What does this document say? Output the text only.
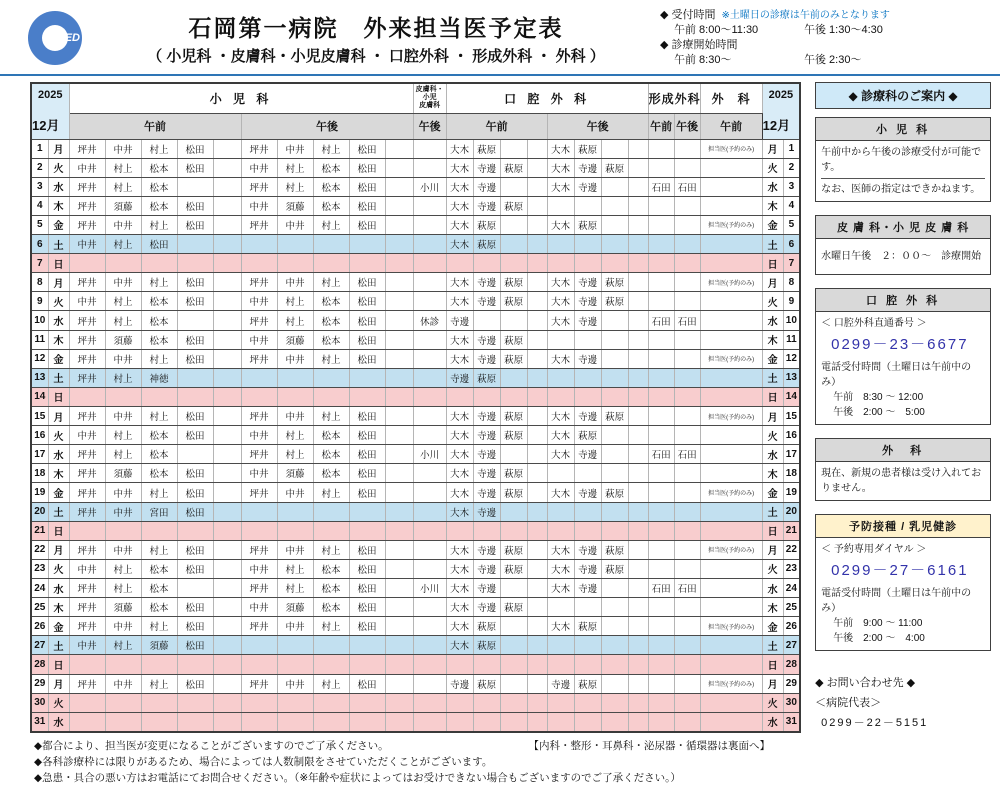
MED	石岡第一病院　外来担当医予定表
（ 小児科 ・皮膚科・小児皮膚科 ・ 口腔外科 ・ 形成外科 ・ 外科 ）
◆ 受付時間 ※土曜日の診療は午前のみとなります
午前 8:00～11:30	午後 1:30～4:30
◆ 診療開始時間
午前 8:30～	午後 2:30～
2025
12月
	小 児 科	
皮膚科・
小児
皮膚科	口 腔 外 科	形成外科	外　科	2025
12月

		午前					午後					午後	午前				午後				午前	午後	午前		
1	月	坪井	中井	村上	松田		坪井	中井	村上	松田			大木	萩原			大木	萩原					担当医(予約のみ)	月	1
2	火	中井	村上	松本	松田		中井	村上	松本	松田			大木	寺邊	萩原		大木	寺邊	萩原					火	2
3	水	坪井	村上	松本			坪井	村上	松本	松田		小川	大木	寺邊			大木	寺邊			石田	石田		水	3
4	木	坪井	須藤	松本	松田		中井	須藤	松本	松田			大木	寺邊	萩原									木	4
5	金	坪井	中井	村上	松田		坪井	中井	村上	松田			大木	萩原			大木	萩原					担当医(予約のみ)	金	5
6	土	中井	村上	松田									大木	萩原										土	6
7	日																							日	7
8	月	坪井	中井	村上	松田		坪井	中井	村上	松田			大木	寺邊	萩原		大木	寺邊	萩原				担当医(予約のみ)	月	8
9	火	中井	村上	松本	松田		中井	村上	松本	松田			大木	寺邊	萩原		大木	寺邊	萩原					火	9
10	水	坪井	村上	松本			坪井	村上	松本	松田		休診	寺邊				大木	寺邊			石田	石田		水	10
11	木	坪井	須藤	松本	松田		中井	須藤	松本	松田			大木	寺邊	萩原									木	11
12	金	坪井	中井	村上	松田		坪井	中井	村上	松田			大木	寺邊	萩原		大木	寺邊					担当医(予約のみ)	金	12
13	土	坪井	村上	神徳									寺邊	萩原										土	13
14	日																							日	14
15	月	坪井	中井	村上	松田		坪井	中井	村上	松田			大木	寺邊	萩原		大木	寺邊	萩原				担当医(予約のみ)	月	15
16	火	中井	村上	松本	松田		中井	村上	松本	松田			大木	寺邊	萩原		大木	萩原						火	16
17	水	坪井	村上	松本			坪井	村上	松本	松田		小川	大木	寺邊			大木	寺邊			石田	石田		水	17
18	木	坪井	須藤	松本	松田		中井	須藤	松本	松田			大木	寺邊	萩原									木	18
19	金	坪井	中井	村上	松田		坪井	中井	村上	松田			大木	寺邊	萩原		大木	寺邊	萩原				担当医(予約のみ)	金	19
20	土	坪井	中井	宮田	松田								大木	寺邊										土	20
21	日																							日	21
22	月	坪井	中井	村上	松田		坪井	中井	村上	松田			大木	寺邊	萩原		大木	寺邊	萩原				担当医(予約のみ)	月	22
23	火	中井	村上	松本	松田		中井	村上	松本	松田			大木	寺邊	萩原		大木	寺邊	萩原					火	23
24	水	坪井	村上	松本			坪井	村上	松本	松田		小川	大木	寺邊			大木	寺邊			石田	石田		水	24
25	木	坪井	須藤	松本	松田		中井	須藤	松本	松田			大木	寺邊	萩原									木	25
26	金	坪井	中井	村上	松田		坪井	中井	村上	松田			大木	萩原			大木	萩原					担当医(予約のみ)	金	26
27	土	中井	村上	須藤	松田								大木	萩原										土	27
28	日																							日	28
29	月	坪井	中井	村上	松田		坪井	中井	村上	松田			寺邊	萩原			寺邊	萩原					担当医(予約のみ)	月	29
30	火																							火	30
31	水																							水	31
◆ 診療科のご案内 ◆
小 児 科
午前中から午後の診療受付が可能です。
なお、医師の指定はできかねます。
皮 膚 科・小 児 皮 膚 科
水曜日午後　２：００～　診療開始
口 腔 外 科
＜ 口腔外科直通番号 ＞
0299－23－6677
電話受付時間（土曜日は午前中のみ）
午前　8:30 ～ 12:00
午後　2:00 ～　5:00
外　科
現在、新規の患者様は受け入れておりません。
予防接種 / 乳児健診
＜ 予約専用ダイヤル ＞
0299－27－6161
電話受付時間（土曜日は午前中のみ）
午前　9:00 ～ 11:00
午後　2:00 ～　4:00
◆ お問い合わせ先 ◆
＜病院代表＞
0299－22－5151
◆都合により、担当医が変更になることがございますのでご了承ください。	【内科・整形・耳鼻科・泌尿器・循環器は裏面へ】
◆各科診療枠には限りがあるため、場合によっては人数制限をさせていただくことがございます。
◆急患・具合の悪い方はお電話にてお問合せください。（※年齢や症状によってはお受けできない場合もございますのでご了承ください。）
